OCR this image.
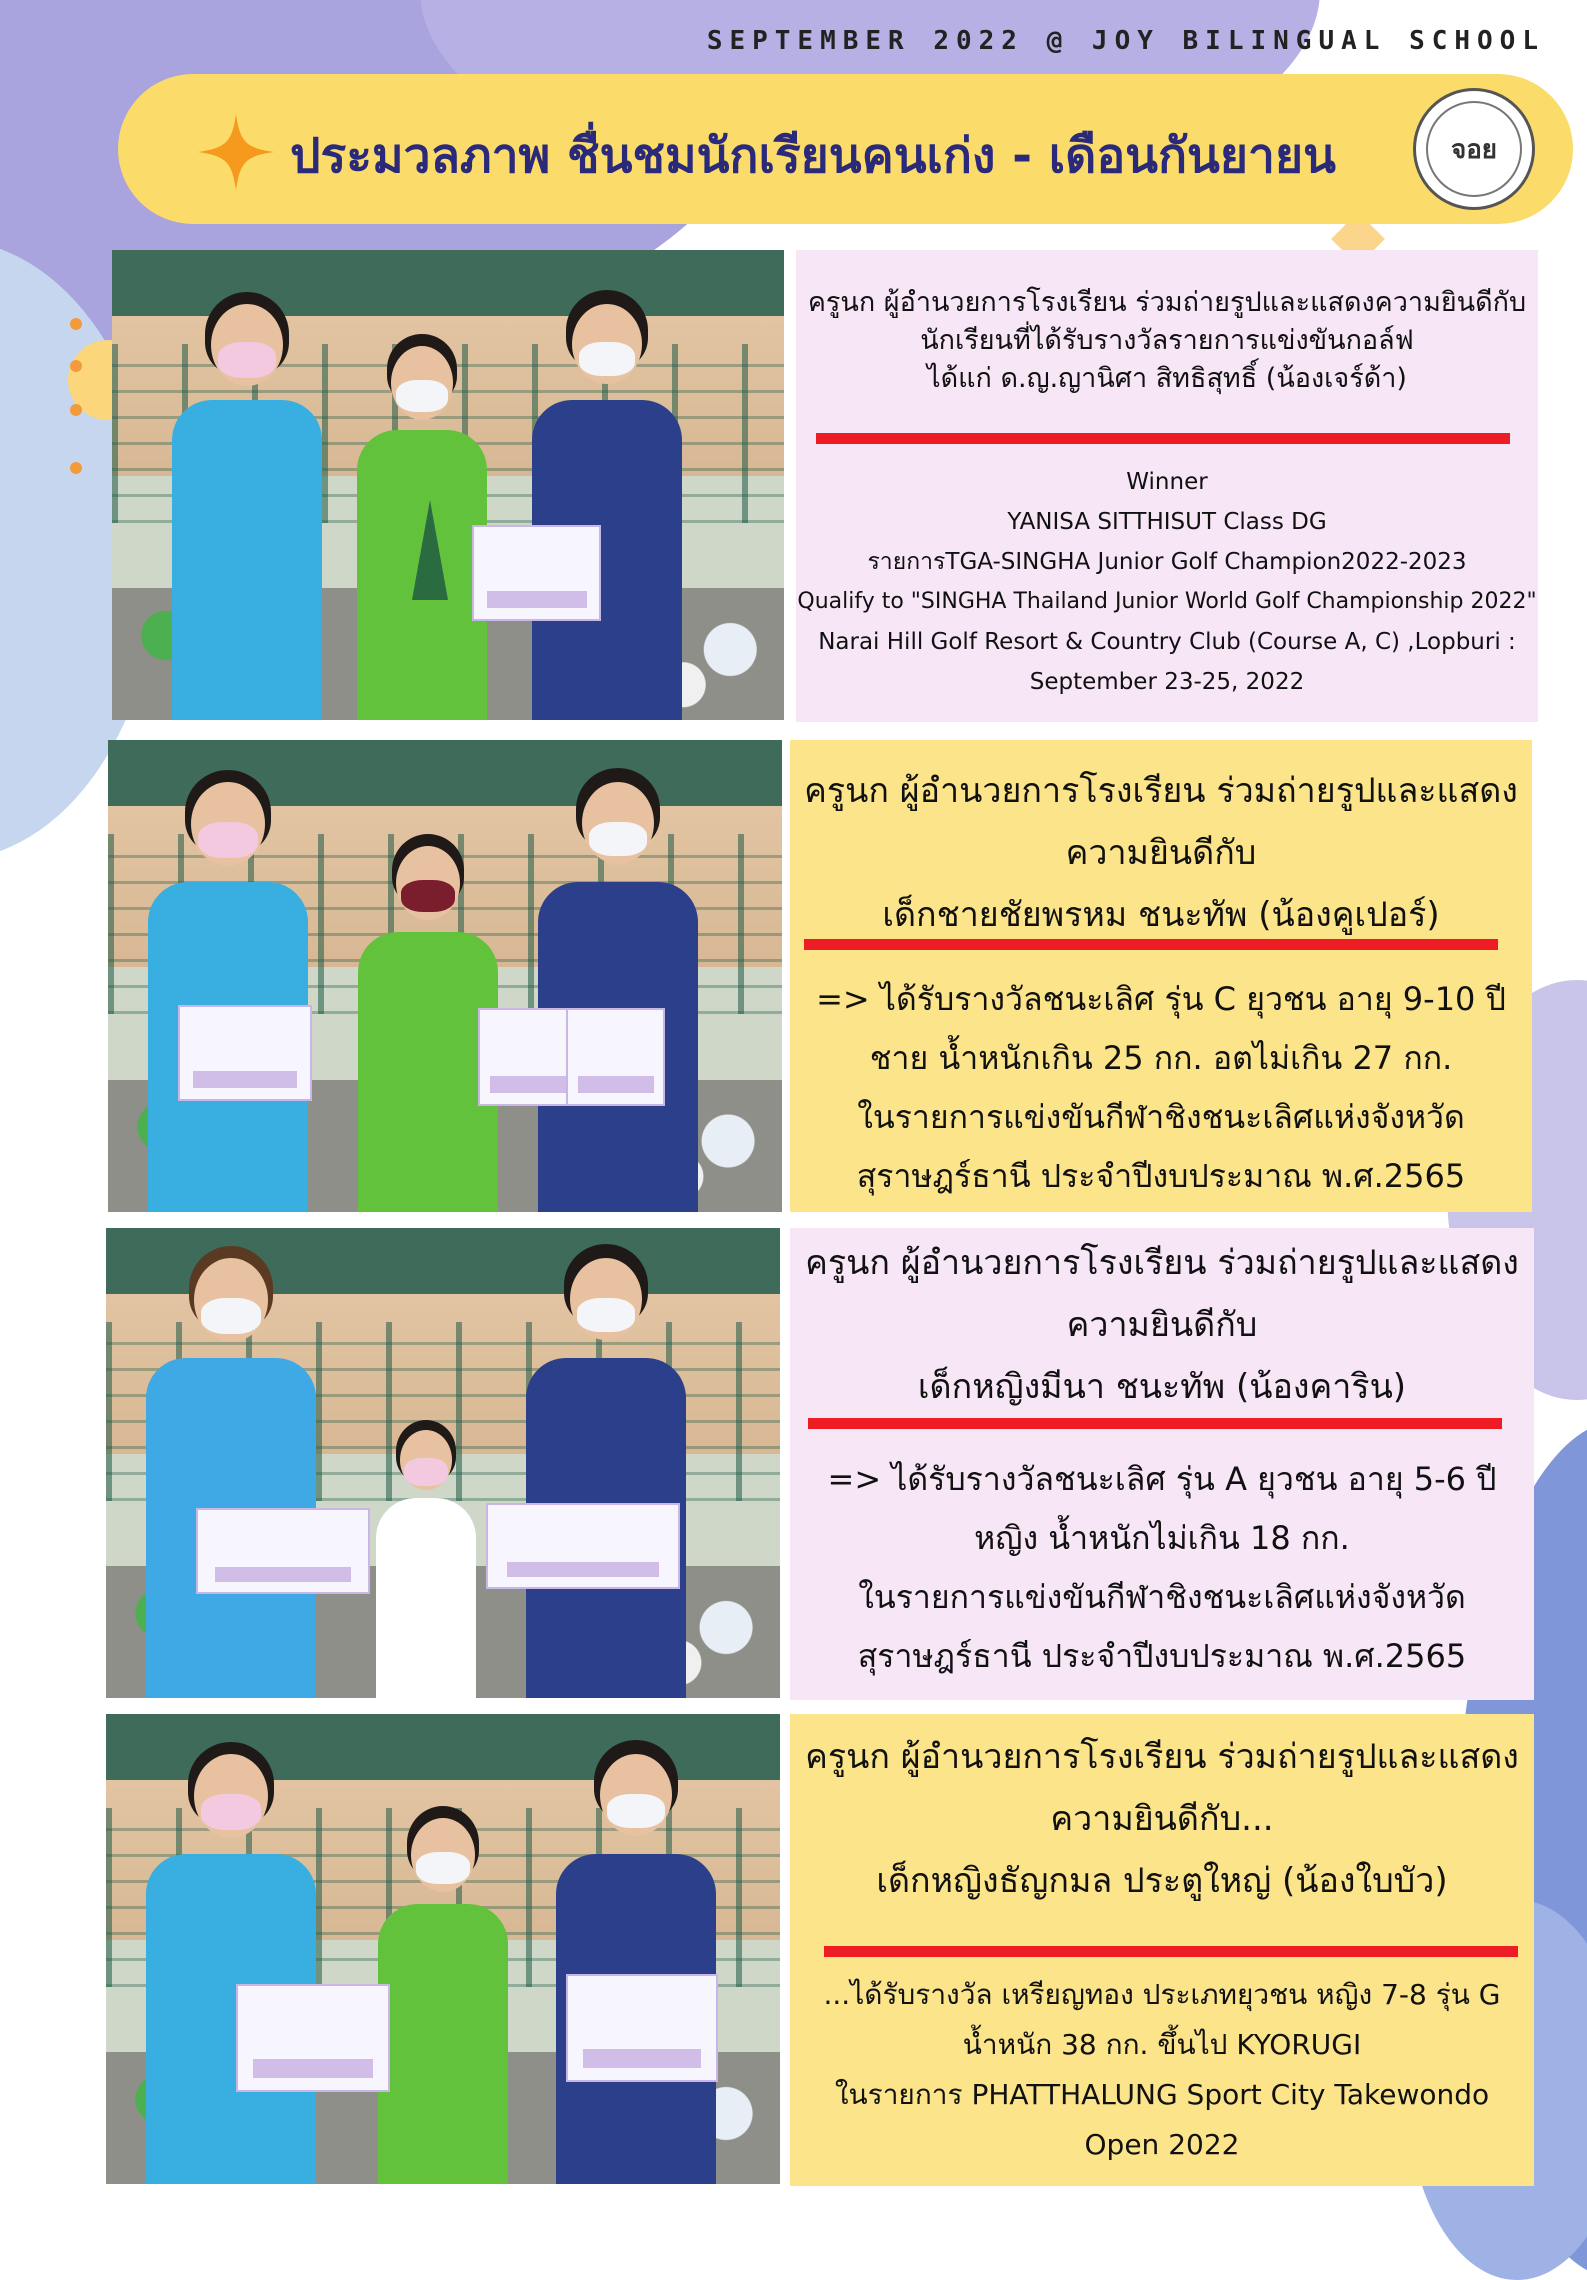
SEPTEMBER 2022 @ JOY BILINGUAL SCHOOL
ประมวลภาพ ชื่นชมนักเรียนคนเก่ง - เดือนกันยายน	จอย
ครูนก ผู้อำนวยการโรงเรียน ร่วมถ่ายรูปและแสดงความยินดีกับ
นักเรียนที่ได้รับรางวัลรายการแข่งขันกอล์ฟ
ได้แก่ ด.ญ.ญานิศา สิทธิสุทธิ์ (น้องเจร์ด้า)
Winner
YANISA SITTHISUT Class DG
รายการTGA-SINGHA Junior Golf Champion2022-2023
Qualify to "SINGHA Thailand Junior World Golf Championship 2022"
Narai Hill Golf Resort & Country Club (Course A, C) ,Lopburi :
September 23-25, 2022
ครูนก ผู้อำนวยการโรงเรียน ร่วมถ่ายรูปและแสดง
ความยินดีกับ
เด็กชายชัยพรหม ชนะทัพ (น้องคูเปอร์)
=> ได้รับรางวัลชนะเลิศ รุ่น C ยุวชน อายุ 9-10 ปี
ชาย น้ำหนักเกิน 25 กก. อตไม่เกิน 27 กก.
ในรายการแข่งขันกีฬาชิงชนะเลิศแห่งจังหวัด
สุราษฎร์ธานี ประจำปีงบประมาณ พ.ศ.2565
ครูนก ผู้อำนวยการโรงเรียน ร่วมถ่ายรูปและแสดง
ความยินดีกับ
เด็กหญิงมีนา ชนะทัพ (น้องคาริน)
=> ได้รับรางวัลชนะเลิศ รุ่น A ยุวชน อายุ 5-6 ปี
หญิง น้ำหนักไม่เกิน 18 กก.
ในรายการแข่งขันกีฬาชิงชนะเลิศแห่งจังหวัด
สุราษฎร์ธานี ประจำปีงบประมาณ พ.ศ.2565
ครูนก ผู้อำนวยการโรงเรียน ร่วมถ่ายรูปและแสดง
ความยินดีกับ...
เด็กหญิงธัญกมล ประตูใหญ่ (น้องใบบัว)
...ได้รับรางวัล เหรียญทอง ประเภทยุวชน หญิง 7-8 รุ่น G
น้ำหนัก 38 กก. ขึ้นไป KYORUGI
ในรายการ PHATTHALUNG Sport City Takewondo
Open 2022
